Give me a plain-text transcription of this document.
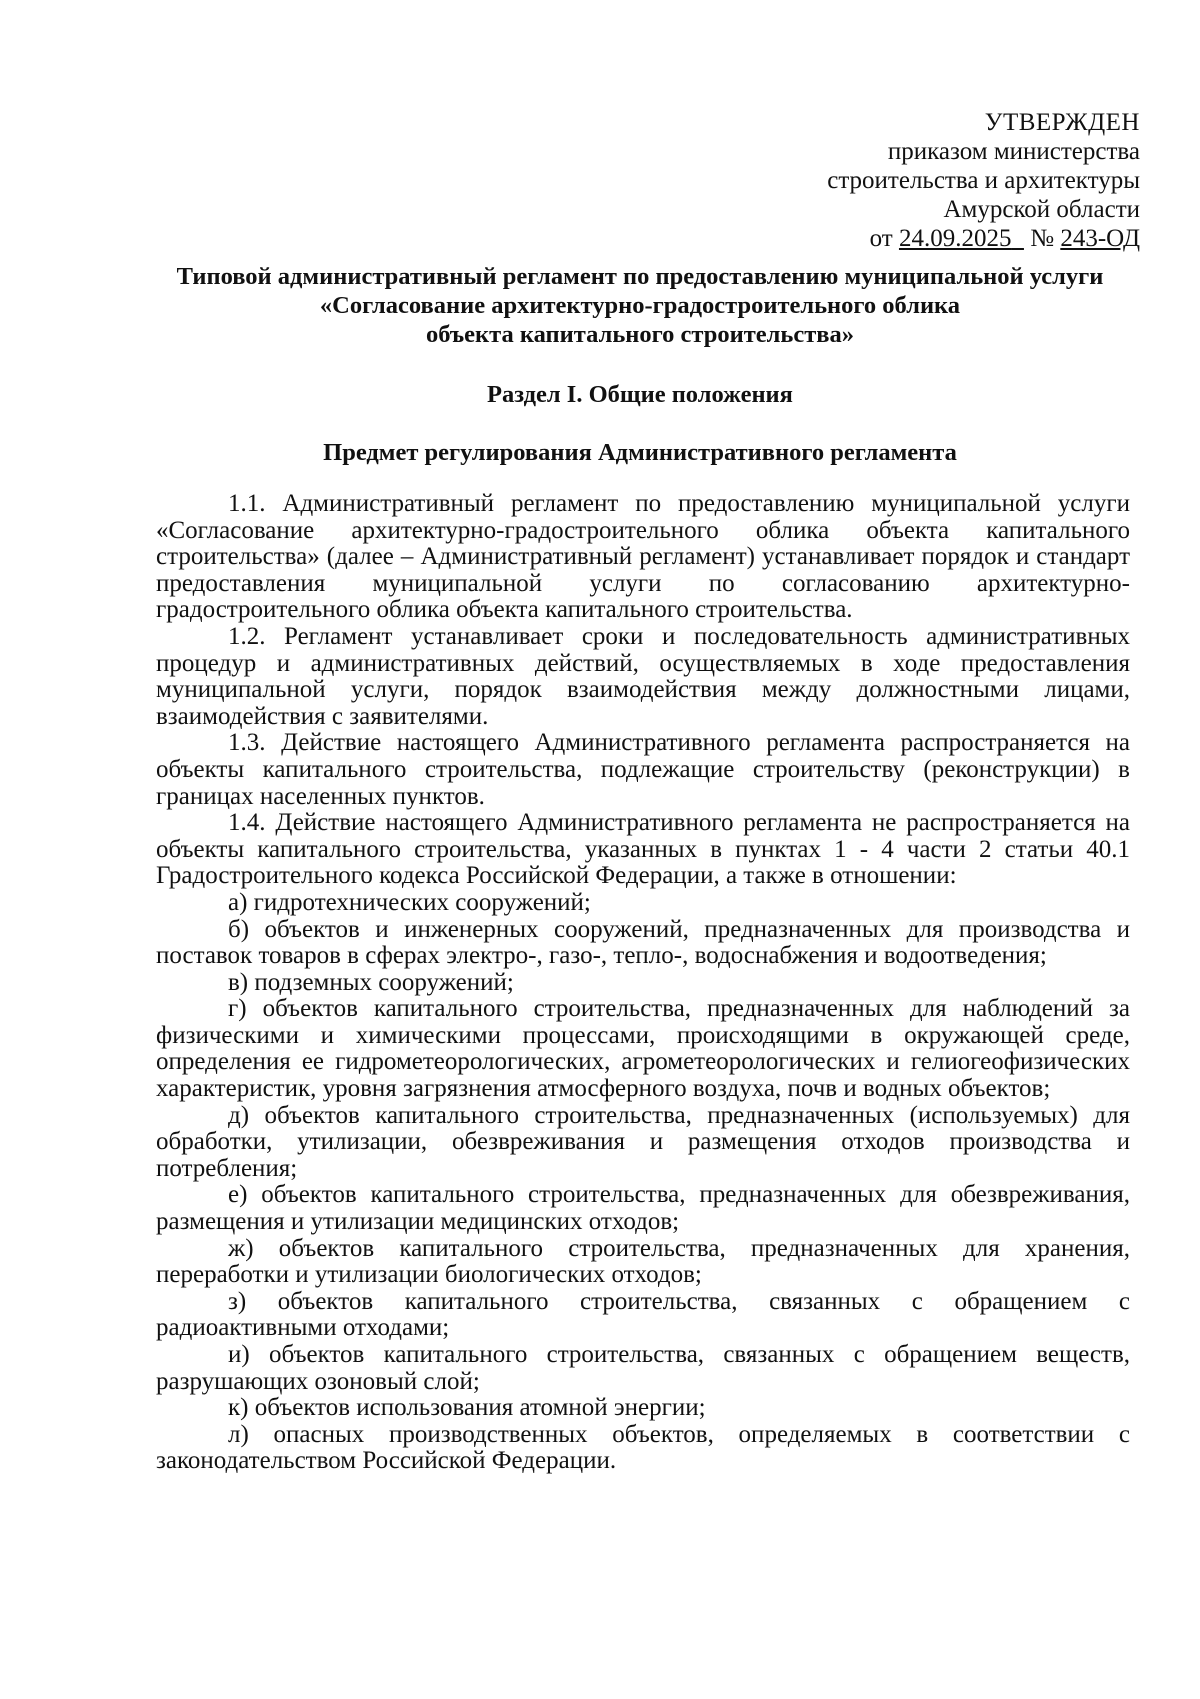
УТВЕРЖДЕН
приказом министерства
строительства и архитектуры
Амурской области
от 24.09.2025 № 243-ОД
Типовой административный регламент по предоставлению муниципальной услуги
«Согласование архитектурно-градостроительного облика
объекта капитального строительства»
Раздел I. Общие положения
Предмет регулирования Административного регламента

1.1. Административный регламент по предоставлению муниципальной услуги «Согласование архитектурно-градостроительного облика объекта капитального строительства» (далее – Административный регламент) устанавливает порядок и стандарт предоставления муниципальной услуги по согласованию архитектурно-градостроительного облика объекта капитального строительства.

1.2. Регламент устанавливает сроки и последовательность административных процедур и административных действий, осуществляемых в ходе предоставления муниципальной услуги, порядок взаимодействия между должностными лицами, взаимодействия с заявителями.

1.3. Действие настоящего Административного регламента распространяется на объекты капитального строительства, подлежащие строительству (реконструкции) в границах населенных пунктов.

1.4. Действие настоящего Административного регламента не распространяется на объекты капитального строительства, указанных в пунктах 1 - 4 части 2 статьи 40.1 Градостроительного кодекса Российской Федерации, а также в отношении:

а) гидротехнических сооружений;

б) объектов и инженерных сооружений, предназначенных для производства и поставок товаров в сферах электро-, газо-, тепло-, водоснабжения и водоотведения;

в) подземных сооружений;

г) объектов капитального строительства, предназначенных для наблюдений за физическими и химическими процессами, происходящими в окружающей среде, определения ее гидрометеорологических, агрометеорологических и гелиогеофизических характеристик, уровня загрязнения атмосферного воздуха, почв и водных объектов;

д) объектов капитального строительства, предназначенных (используемых) для обработки, утилизации, обезвреживания и размещения отходов производства и потребления;

е) объектов капитального строительства, предназначенных для обезвреживания, размещения и утилизации медицинских отходов;

ж) объектов капитального строительства, предназначенных для хранения, переработки и утилизации биологических отходов;

з) объектов капитального строительства, связанных с обращением с радиоактивными отходами;

и) объектов капитального строительства, связанных с обращением веществ, разрушающих озоновый слой;

к) объектов использования атомной энергии;

л) опасных производственных объектов, определяемых в соответствии с законодательством Российской Федерации.
